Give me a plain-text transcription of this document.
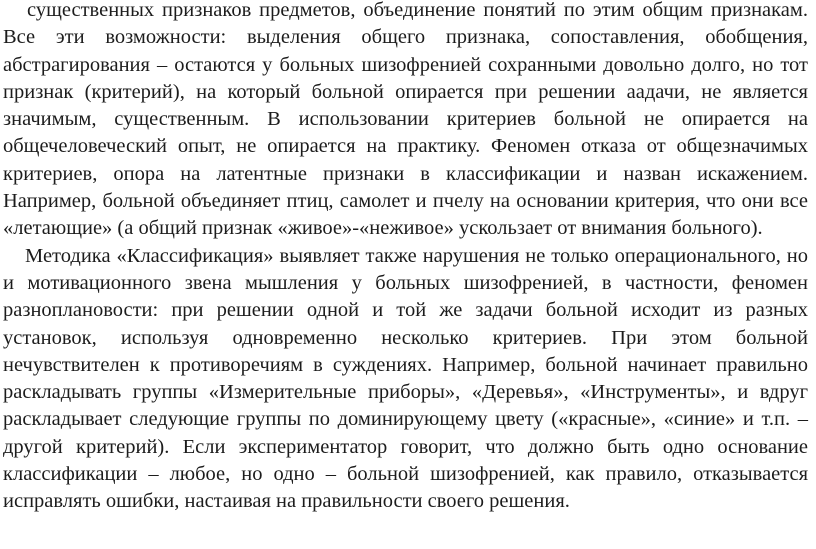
существенных признаков предметов, объединение понятий по этим общим признакам. Все эти возможности: выделения общего признака, сопоставления, обобщения, абстрагирования – остаются у больных шизофренией сохранными довольно долго, но тот признак (критерий), на который больной опирается при решении аадачи, не является значимым, существенным. В использовании критериев больной не опирается на общечеловеческий опыт, не опирается на практику. Феномен отказа от общезначимых критериев, опора на латентные признаки в классификации и назван искажением. Например, больной объединяет птиц, самолет и пчелу на основании критерия, что они все «летающие» (а общий признак «живое»-«неживое» ускользает от внимания больного).

Методика «Классификация» выявляет также нарушения не только операционального, но и мотивационного звена мышления у больных шизофренией, в частности, феномен разноплановости: при решении одной и той же задачи больной исходит из разных установок, используя одновременно несколько критериев. При этом больной нечувствителен к противоречиям в суждениях. Например, больной начинает правильно раскладывать группы «Измерительные приборы», «Деревья», «Инструменты», и вдруг раскладывает следующие группы по доминирующему цвету («красные», «синие» и т.п. – другой критерий). Если экспериментатор говорит, что должно быть одно основание классификации – любое, но одно – больной шизофренией, как правило, отказывается исправлять ошибки, настаивая на правильности своего решения.
